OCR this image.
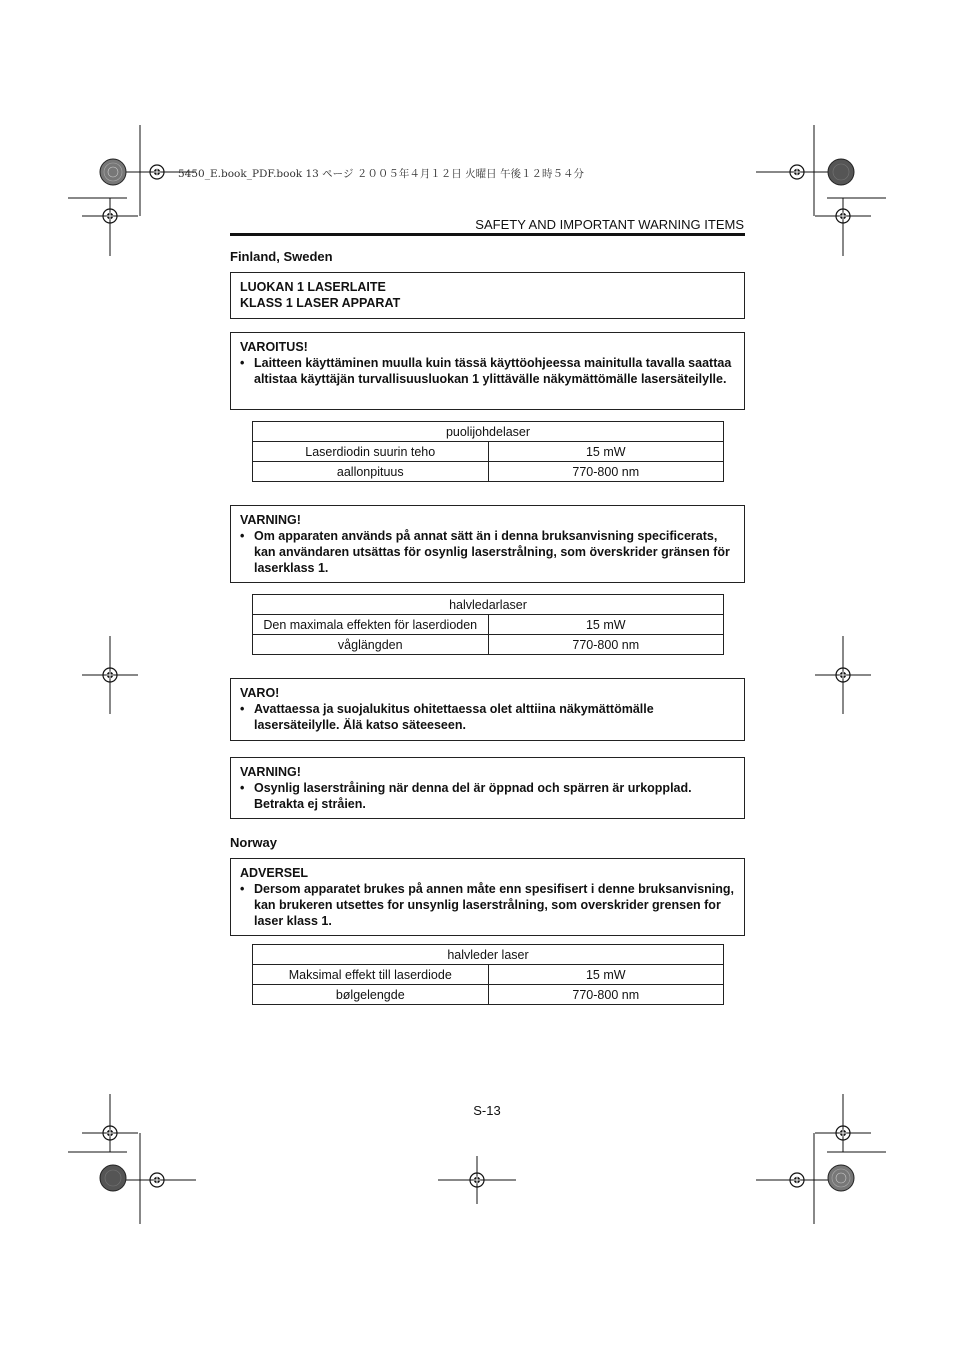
5450_E.book_PDF.book 13 ページ ２００５年４月１２日 火曜日 午後１２時５４分
SAFETY AND IMPORTANT WARNING ITEMS
Finland, Sweden
LUOKAN 1 LASERLAITE
KLASS 1 LASER APPARAT
VAROITUS!
• Laitteen käyttäminen muulla kuin tässä käyttöohjeessa mainitulla tavalla saattaa altistaa käyttäjän turvallisuusluokan 1 ylittävälle näkymättömälle lasersäteilylle.
puolijohdelaser	
Laserdiodin suurin teho	15 mW
aallonpituus	770-800 nm
VARNING!
• Om apparaten används på annat sätt än i denna bruksanvisning specificerats, kan användaren utsättas för osynlig laserstrålning, som överskrider gränsen för laserklass 1.
halvledarlaser	
Den maximala effekten för laserdioden	15 mW
våglängden	770-800 nm
VARO!
• Avattaessa ja suojalukitus ohitettaessa olet alttiina näkymättömälle lasersäteilylle. Älä katso säteeseen.
VARNING!
• Osynlig laserstråining när denna del är öppnad och spärren är urkopplad. Betrakta ej stråien.
Norway
ADVERSEL
• Dersom apparatet brukes på annen måte enn spesifisert i denne bruksanvisning, kan brukeren utsettes for unsynlig laserstrålning, som overskrider grensen for laser klass 1.
halvleder laser	
Maksimal effekt till laserdiode	15 mW
bølgelengde	770-800 nm
S-13
